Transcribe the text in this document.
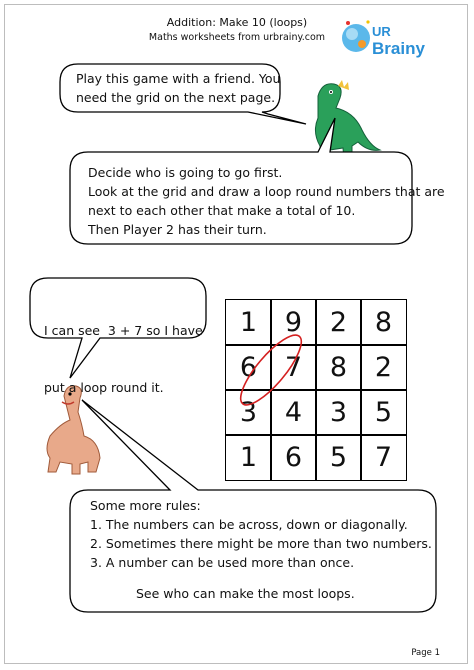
Addition: Make 10 (loops)
Maths worksheets from urbrainy.com	UR
Brainy
Play this game with a friend. You
need the grid on the next page.
Decide who is going to go first.
Look at the grid and draw a loop round numbers that are
next to each other that make a total of 10.
Then Player 2 has their turn.

I can see  3 + 7 so I have

put a loop round it.

Some more rules:
1. The numbers can be across, down or diagonally.
2. Sometimes there might be more than two numbers.
3. A number can be used more than once.
See who can make the most loops.
1	9	2	8
6	7	8	2
3	4	3	5
1	6	5	7
Page 1
